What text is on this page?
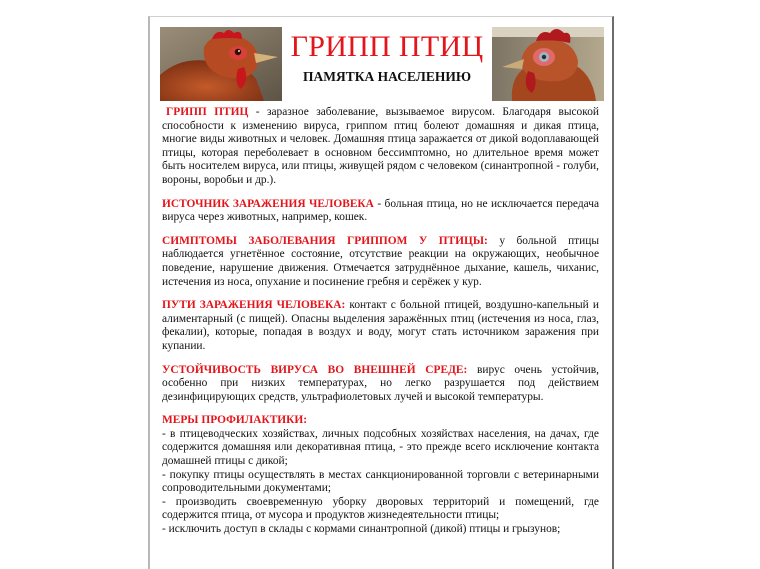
ГРИПП ПТИЦ
ПАМЯТКА НАСЕЛЕНИЮ

ГРИПП ПТИЦ - заразное заболевание, вызываемое вирусом. Благодаря высокой способности к изменению вируса, гриппом птиц болеют домашняя и дикая птица, многие виды животных и человек. Домашняя птица заражается от дикой водоплавающей птицы, которая переболевает в основном бессимптомно, но длительное время может быть носителем вируса, или птицы, живущей рядом с человеком (синантропной - голуби, вороны, воробьи и др.).

ИСТОЧНИК ЗАРАЖЕНИЯ ЧЕЛОВЕКА - больная птица, но не исключается передача вируса через животных, например, кошек.

СИМПТОМЫ ЗАБОЛЕВАНИЯ ГРИППОМ У ПТИЦЫ: у больной птицы наблюдается угнетённое состояние, отсутствие реакции на окружающих, необычное поведение, нарушение движения. Отмечается затруднённое дыхание, кашель, чиханис, истечения из носа, опухание и посинение гребня и серёжек у кур.

ПУТИ ЗАРАЖЕНИЯ ЧЕЛОВЕКА: контакт с больной птицей, воздушно-капельный и алиментарный (с пищей). Опасны выделения заражённых птиц (истечения из носа, глаз, фекалии), которые, попадая в воздух и воду, могут стать источником заражения при купании.

УСТОЙЧИВОСТЬ ВИРУСА ВО ВНЕШНЕЙ СРЕДЕ: вирус очень устойчив, особенно при низких температурах, но легко разрушается под действием дезинфицирующих средств, ультрафиолетовых лучей и высокой температуры.

МЕРЫ ПРОФИЛАКТИКИ:

- в птицеводческих хозяйствах, личных подсобных хозяйствах населения, на дачах, где содержится домашняя или декоративная птица, - это прежде всего исключение контакта домашней птицы с дикой;

- покупку птицы осуществлять в местах санкционированной торговли с ветеринарными сопроводительными документами;

- производить своевременную уборку дворовых территорий и помещений, где содержится птица, от мусора и продуктов жизнедеятельности птицы;

- исключить доступ в склады с кормами синантропной (дикой) птицы и грызунов;
